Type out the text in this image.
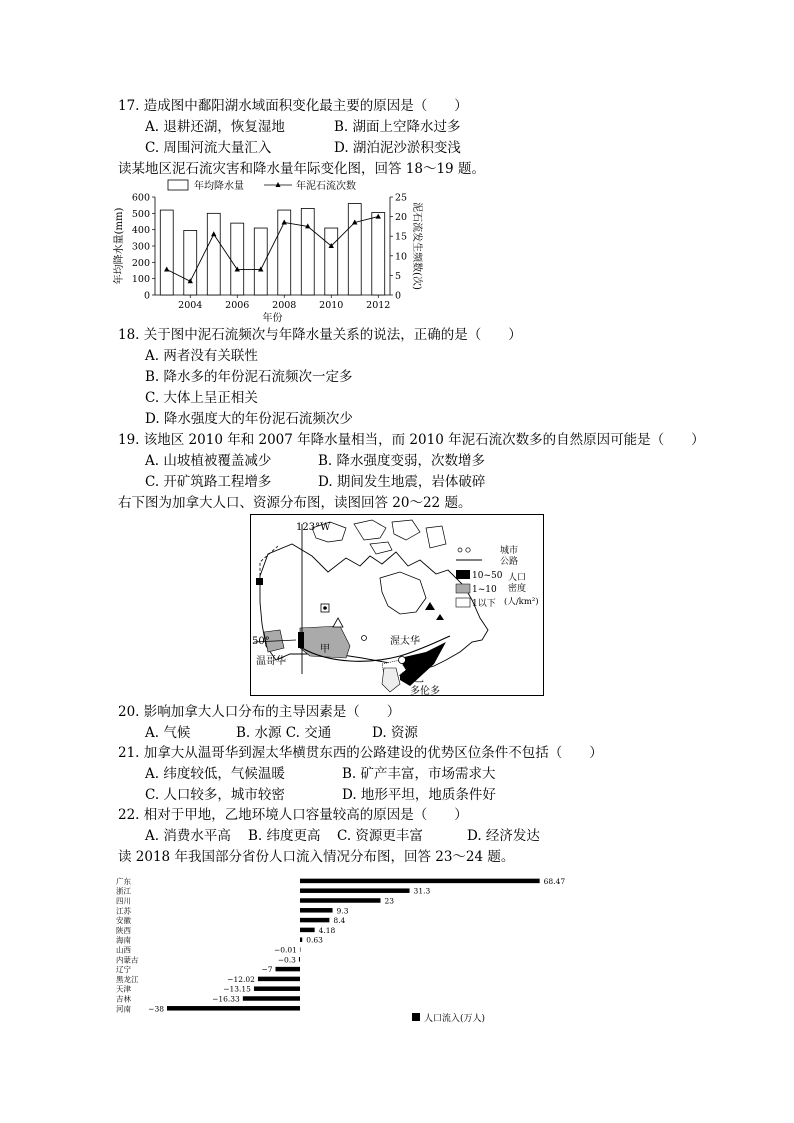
17. 造成图中鄱阳湖水域面积变化最主要的原因是（　　）
A. 退耕还湖，恢复湿地	B. 湖面上空降水过多
C. 周围河流大量汇入	D. 湖泊泥沙淤积变浅
读某地区泥石流灾害和降水量年际变化图，回答 18～19 题。
年均降水量	年泥石流次数
0
100
200
300
400
500
600
0
5
10
15
20
25
2004 2006 2008 2010 2012
年份
年均降水量(mm)	泥石流发生频数(次)
18. 关于图中泥石流频次与年降水量关系的说法，正确的是（　　）
A. 两者没有关联性
B. 降水多的年份泥石流频次一定多
C. 大体上呈正相关
D. 降水强度大的年份泥石流频次少
19. 该地区 2010 年和 2007 年降水量相当，而 2010 年泥石流次数多的自然原因可能是（　　）
A. 山坡植被覆盖减少	B. 降水强度变弱，次数增多
C. 开矿筑路工程增多	D. 期间发生地震，岩体破碎
右下图为加拿大人口、资源分布图，读图回答 20～22 题。
123°W
50°
温哥华
渥太华
多伦多
甲
乙
城市
公路
10~50
1~10
1以下
人口
密度
(人/km²)
20. 影响加拿大人口分布的主导因素是（　　）
A. 气候	B. 水源 C. 交通	D. 资源
21. 加拿大从温哥华到渥太华横贯东西的公路建设的优势区位条件不包括（　　）
A. 纬度较低，气候温暖	B. 矿产丰富，市场需求大
C. 人口较多，城市较密	D. 地形平坦，地质条件好
22. 相对于甲地，乙地环境人口容量较高的原因是（　　）
A. 消费水平高 B. 纬度更高 C. 资源更丰富	D. 经济发达
读 2018 年我国部分省份人口流入情况分布图，回答 23～24 题。
广东
浙江
四川
江苏
安徽
陕西
海南
山西
内蒙古
辽宁
黑龙江
天津
吉林
河南
68.47
31.3
23
9.3
8.4
4.18
0.63
−0.01
−0.3
−7
−12.02
−13.15
−16.33
−38
人口流入(万人)
